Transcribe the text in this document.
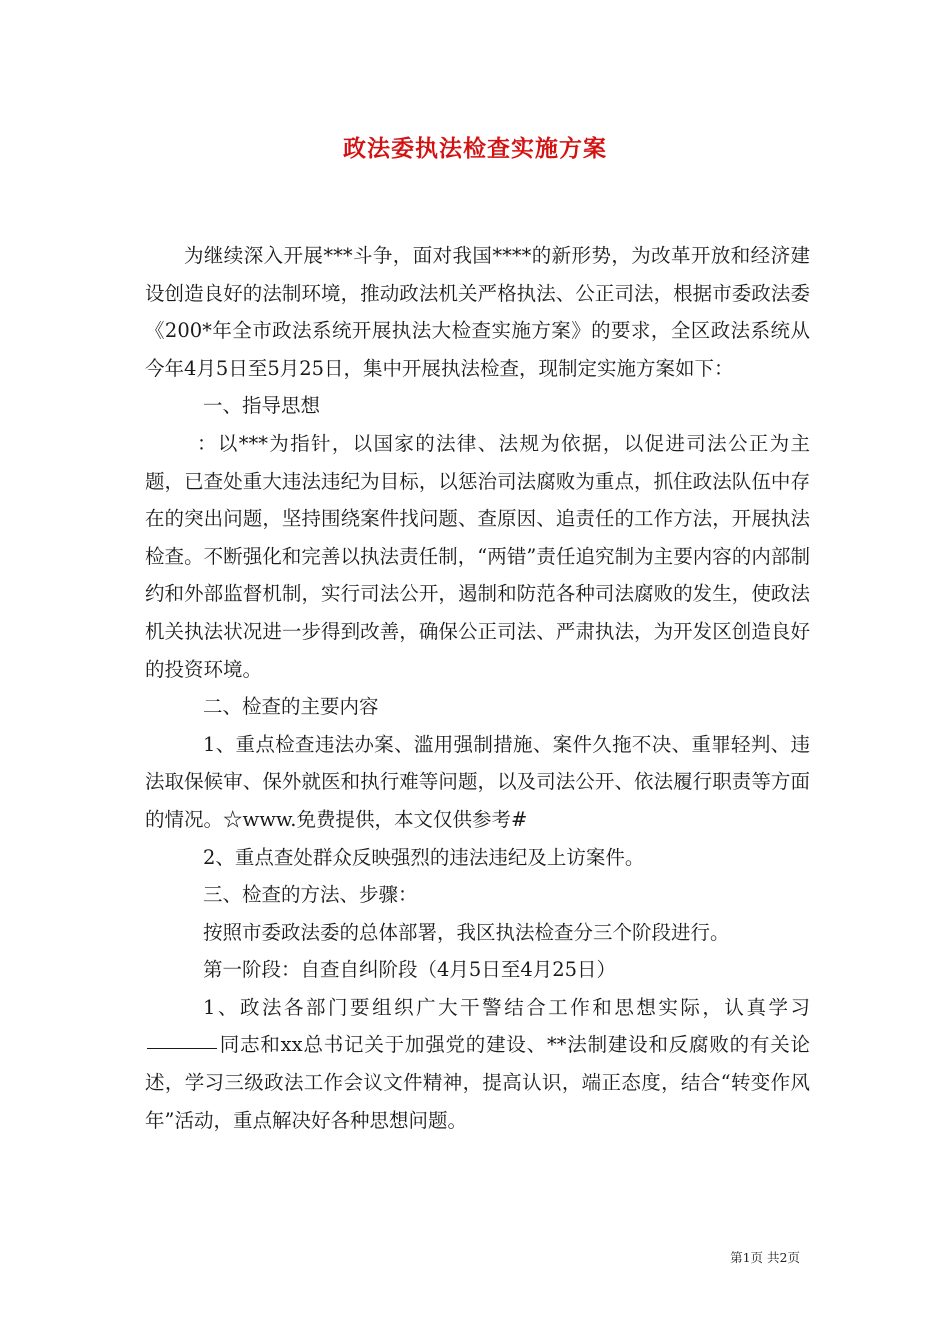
政法委执法检查实施方案

为继续深入开展***斗争，面对我国****的新形势，为改革开放和经济建设创造良好的法制环境，推动政法机关严格执法、公正司法，根据市委政法委《200*年全市政法系统开展执法大检查实施方案》的要求，全区政法系统从今年4月5日至5月25日，集中开展执法检查，现制定实施方案如下：

一、指导思想

：以***为指针，以国家的法律、法规为依据，以促进司法公正为主题，已查处重大违法违纪为目标，以惩治司法腐败为重点，抓住政法队伍中存在的突出问题，坚持围绕案件找问题、查原因、追责任的工作方法，开展执法检查。不断强化和完善以执法责任制，“两错”责任追究制为主要内容的内部制约和外部监督机制，实行司法公开，遏制和防范各种司法腐败的发生，使政法机关执法状况进一步得到改善，确保公正司法、严肃执法，为开发区创造良好的投资环境。

二、检查的主要内容

1、重点检查违法办案、滥用强制措施、案件久拖不决、重罪轻判、违法取保候审、保外就医和执行难等问题，以及司法公开、依法履行职责等方面的情况。☆www.免费提供，本文仅供参考#

2、重点查处群众反映强烈的违法违纪及上访案件。

三、检查的方法、步骤：

按照市委政法委的总体部署，我区执法检查分三个阶段进行。

第一阶段：自查自纠阶段（4月5日至4月25日）

1、政法各部门要组织广大干警结合工作和思想实际，认真学习同志和xx总书记关于加强党的建设、**法制建设和反腐败的有关论述，学习三级政法工作会议文件精神，提高认识，端正态度，结合“转变作风年”活动，重点解决好各种思想问题。

第1页 共2页
